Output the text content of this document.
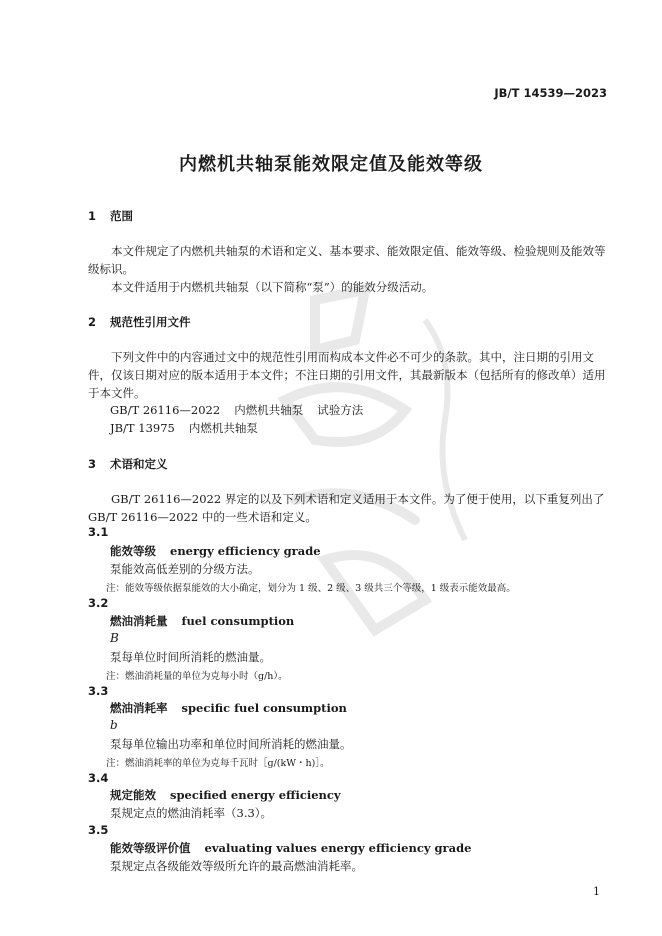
JB/T 14539—2023
内燃机共轴泵能效限定值及能效等级
1 范围
本文件规定了内燃机共轴泵的术语和定义、基本要求、能效限定值、能效等级、检验规则及能效等
级标识。
本文件适用于内燃机共轴泵（以下简称“泵”）的能效分级活动。
2 规范性引用文件
下列文件中的内容通过文中的规范性引用而构成本文件必不可少的条款。其中，注日期的引用文
件，仅该日期对应的版本适用于本文件；不注日期的引用文件，其最新版本（包括所有的修改单）适用
于本文件。
GB/T 26116—2022 内燃机共轴泵 试验方法
JB/T 13975 内燃机共轴泵
3 术语和定义
GB/T 26116—2022 界定的以及下列术语和定义适用于本文件。为了便于使用，以下重复列出了
GB/T 26116—2022 中的一些术语和定义。
3.1
能效等级 energy efficiency grade
泵能效高低差别的分级方法。
注：能效等级依据泵能效的大小确定，划分为 1 级、2 级、3 级共三个等级，1 级表示能效最高。
3.2
燃油消耗量 fuel consumption
B
泵每单位时间所消耗的燃油量。
注：燃油消耗量的单位为克每小时（g/h）。
3.3
燃油消耗率 specific fuel consumption
b
泵每单位输出功率和单位时间所消耗的燃油量。
注：燃油消耗率的单位为克每千瓦时［g/(kW・h)］。
3.4
规定能效 specified energy efficiency
泵规定点的燃油消耗率（3.3）。
3.5
能效等级评价值 evaluating values energy efficiency grade
泵规定点各级能效等级所允许的最高燃油消耗率。
1
